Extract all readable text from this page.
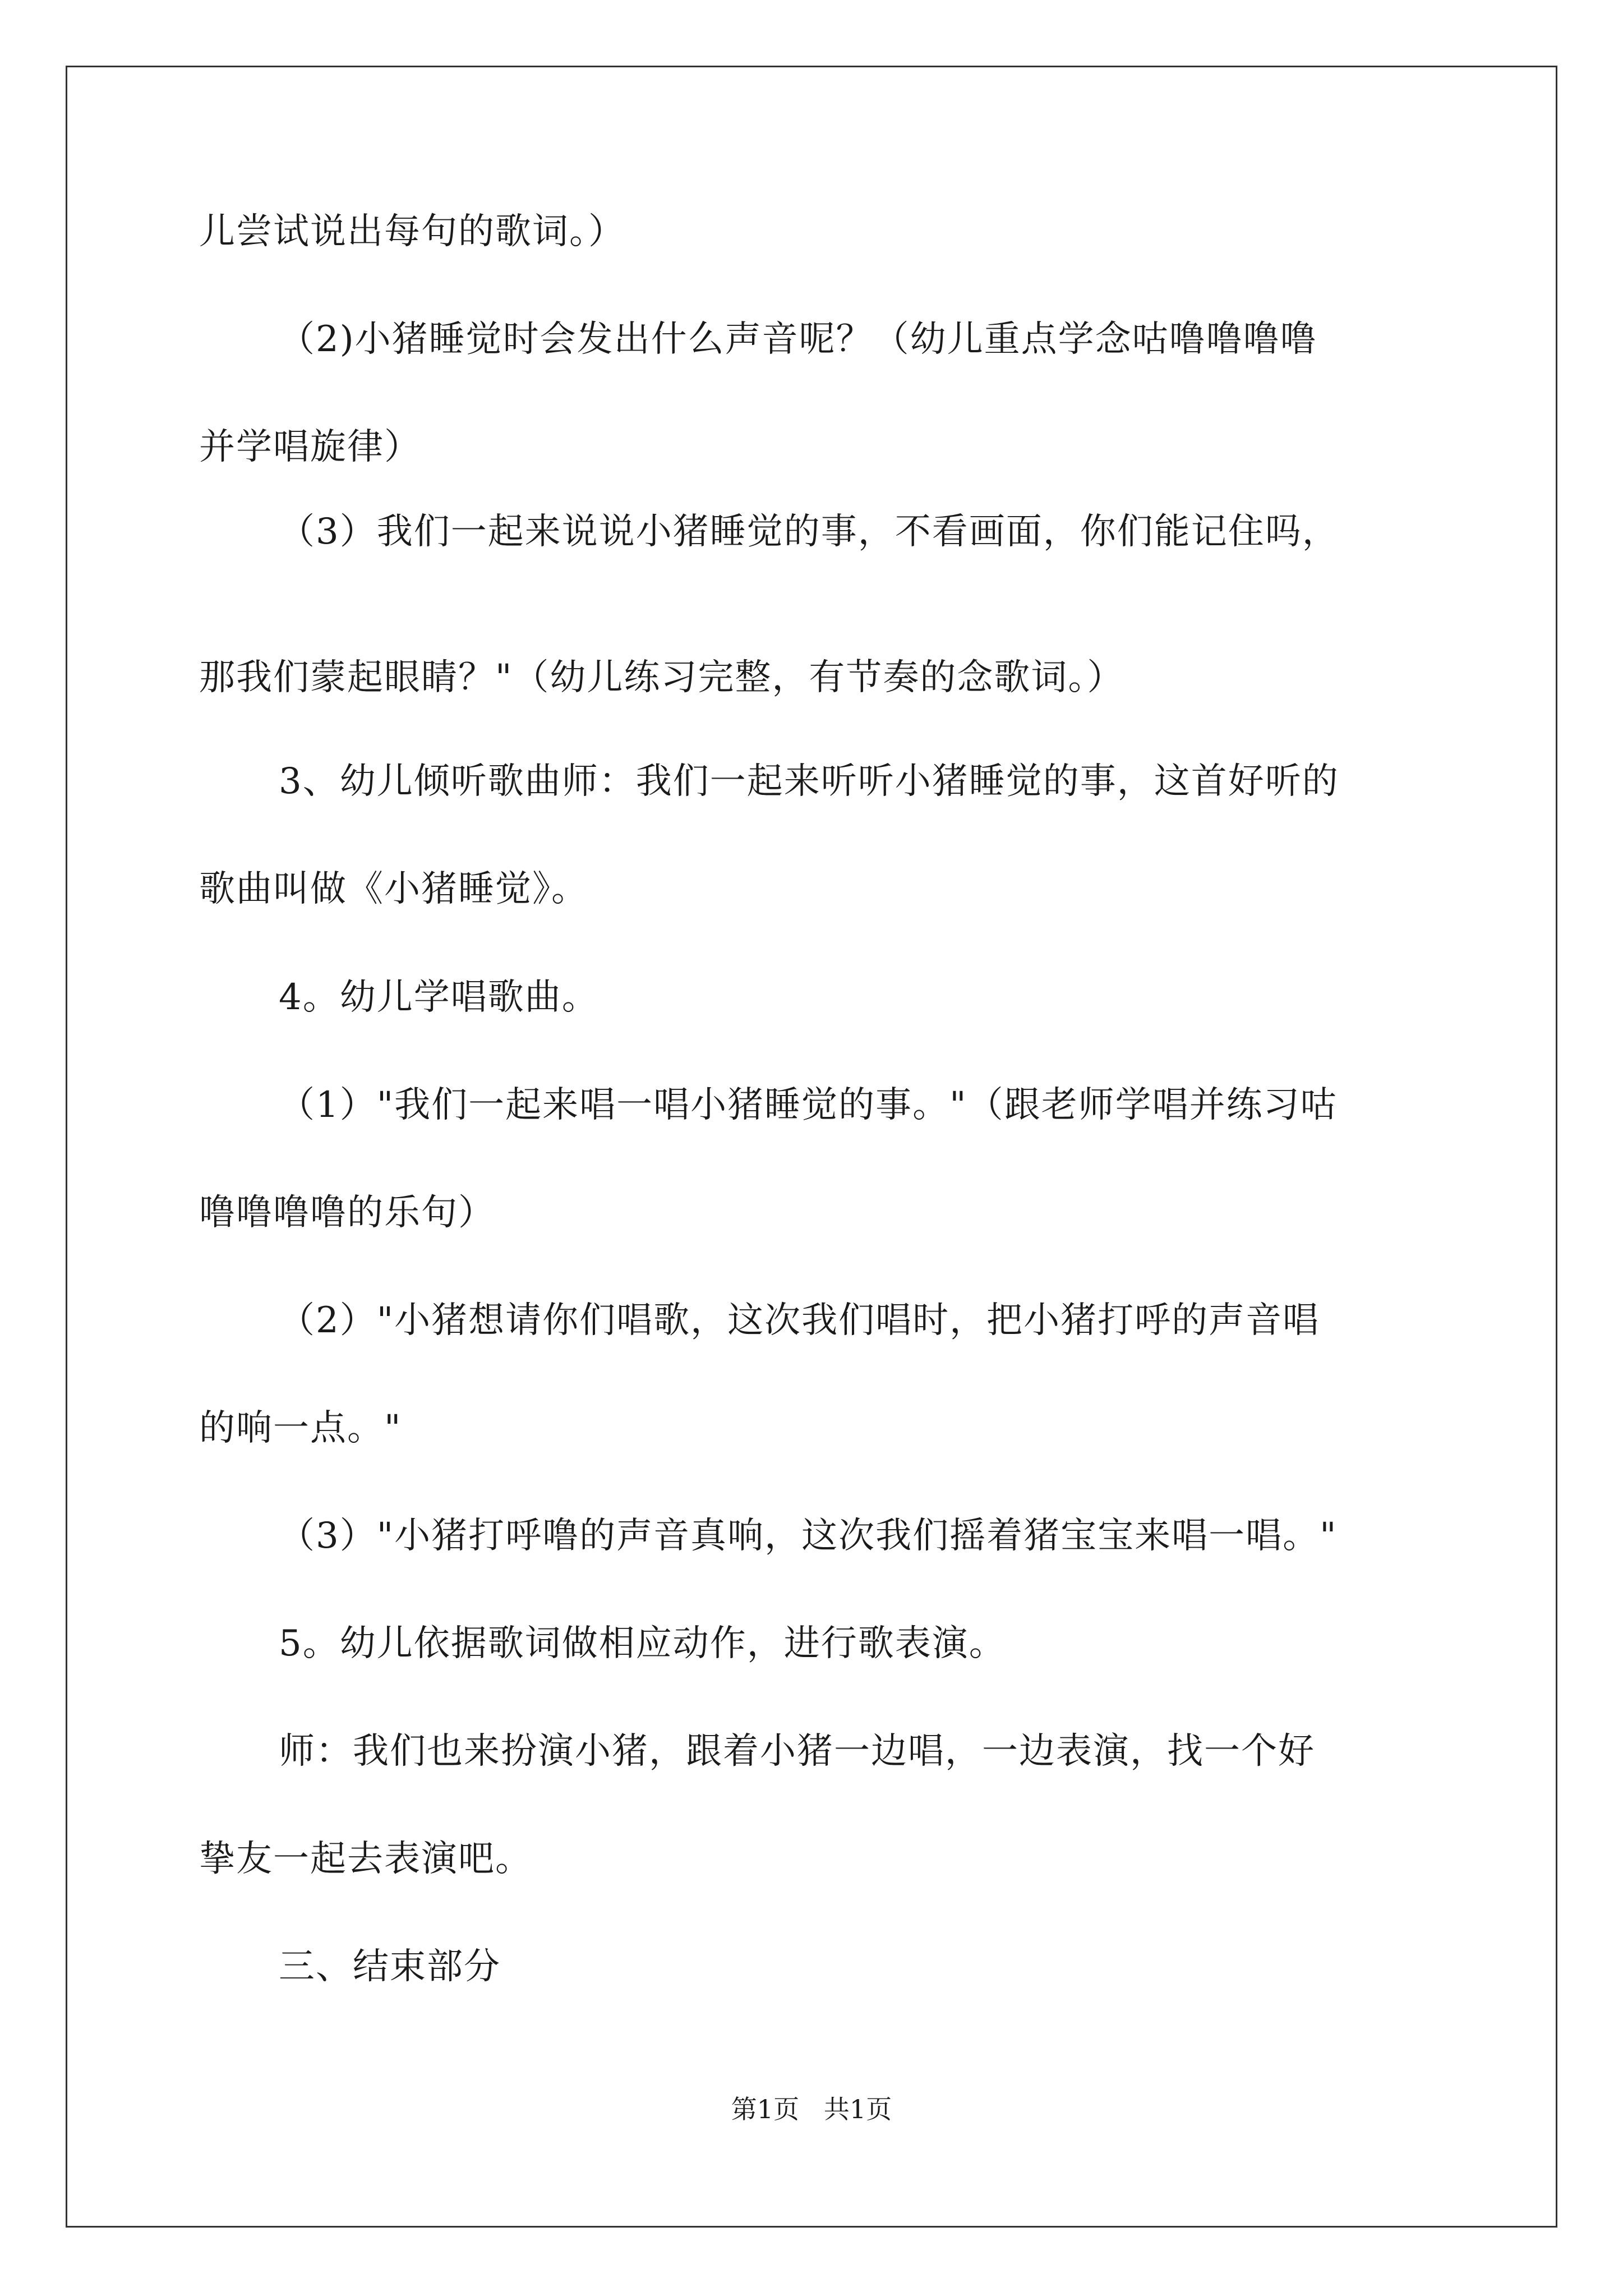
儿尝试说出每句的歌词。）
（2)小猪睡觉时会发出什么声音呢？（幼儿重点学念咕噜噜噜噜
并学唱旋律）
（3）我们一起来说说小猪睡觉的事，不看画面，你们能记住吗，
那我们蒙起眼睛？"（幼儿练习完整，有节奏的念歌词。）
3、幼儿倾听歌曲师：我们一起来听听小猪睡觉的事，这首好听的
歌曲叫做《小猪睡觉》。
4。幼儿学唱歌曲。
（1）"我们一起来唱一唱小猪睡觉的事。"（跟老师学唱并练习咕
噜噜噜噜的乐句）
（2）"小猪想请你们唱歌，这次我们唱时，把小猪打呼的声音唱
的响一点。"
（3）"小猪打呼噜的声音真响，这次我们摇着猪宝宝来唱一唱。"
5。幼儿依据歌词做相应动作，进行歌表演。
师：我们也来扮演小猪，跟着小猪一边唱，一边表演，找一个好
挚友一起去表演吧。
三、结束部分
第1页   共1页
